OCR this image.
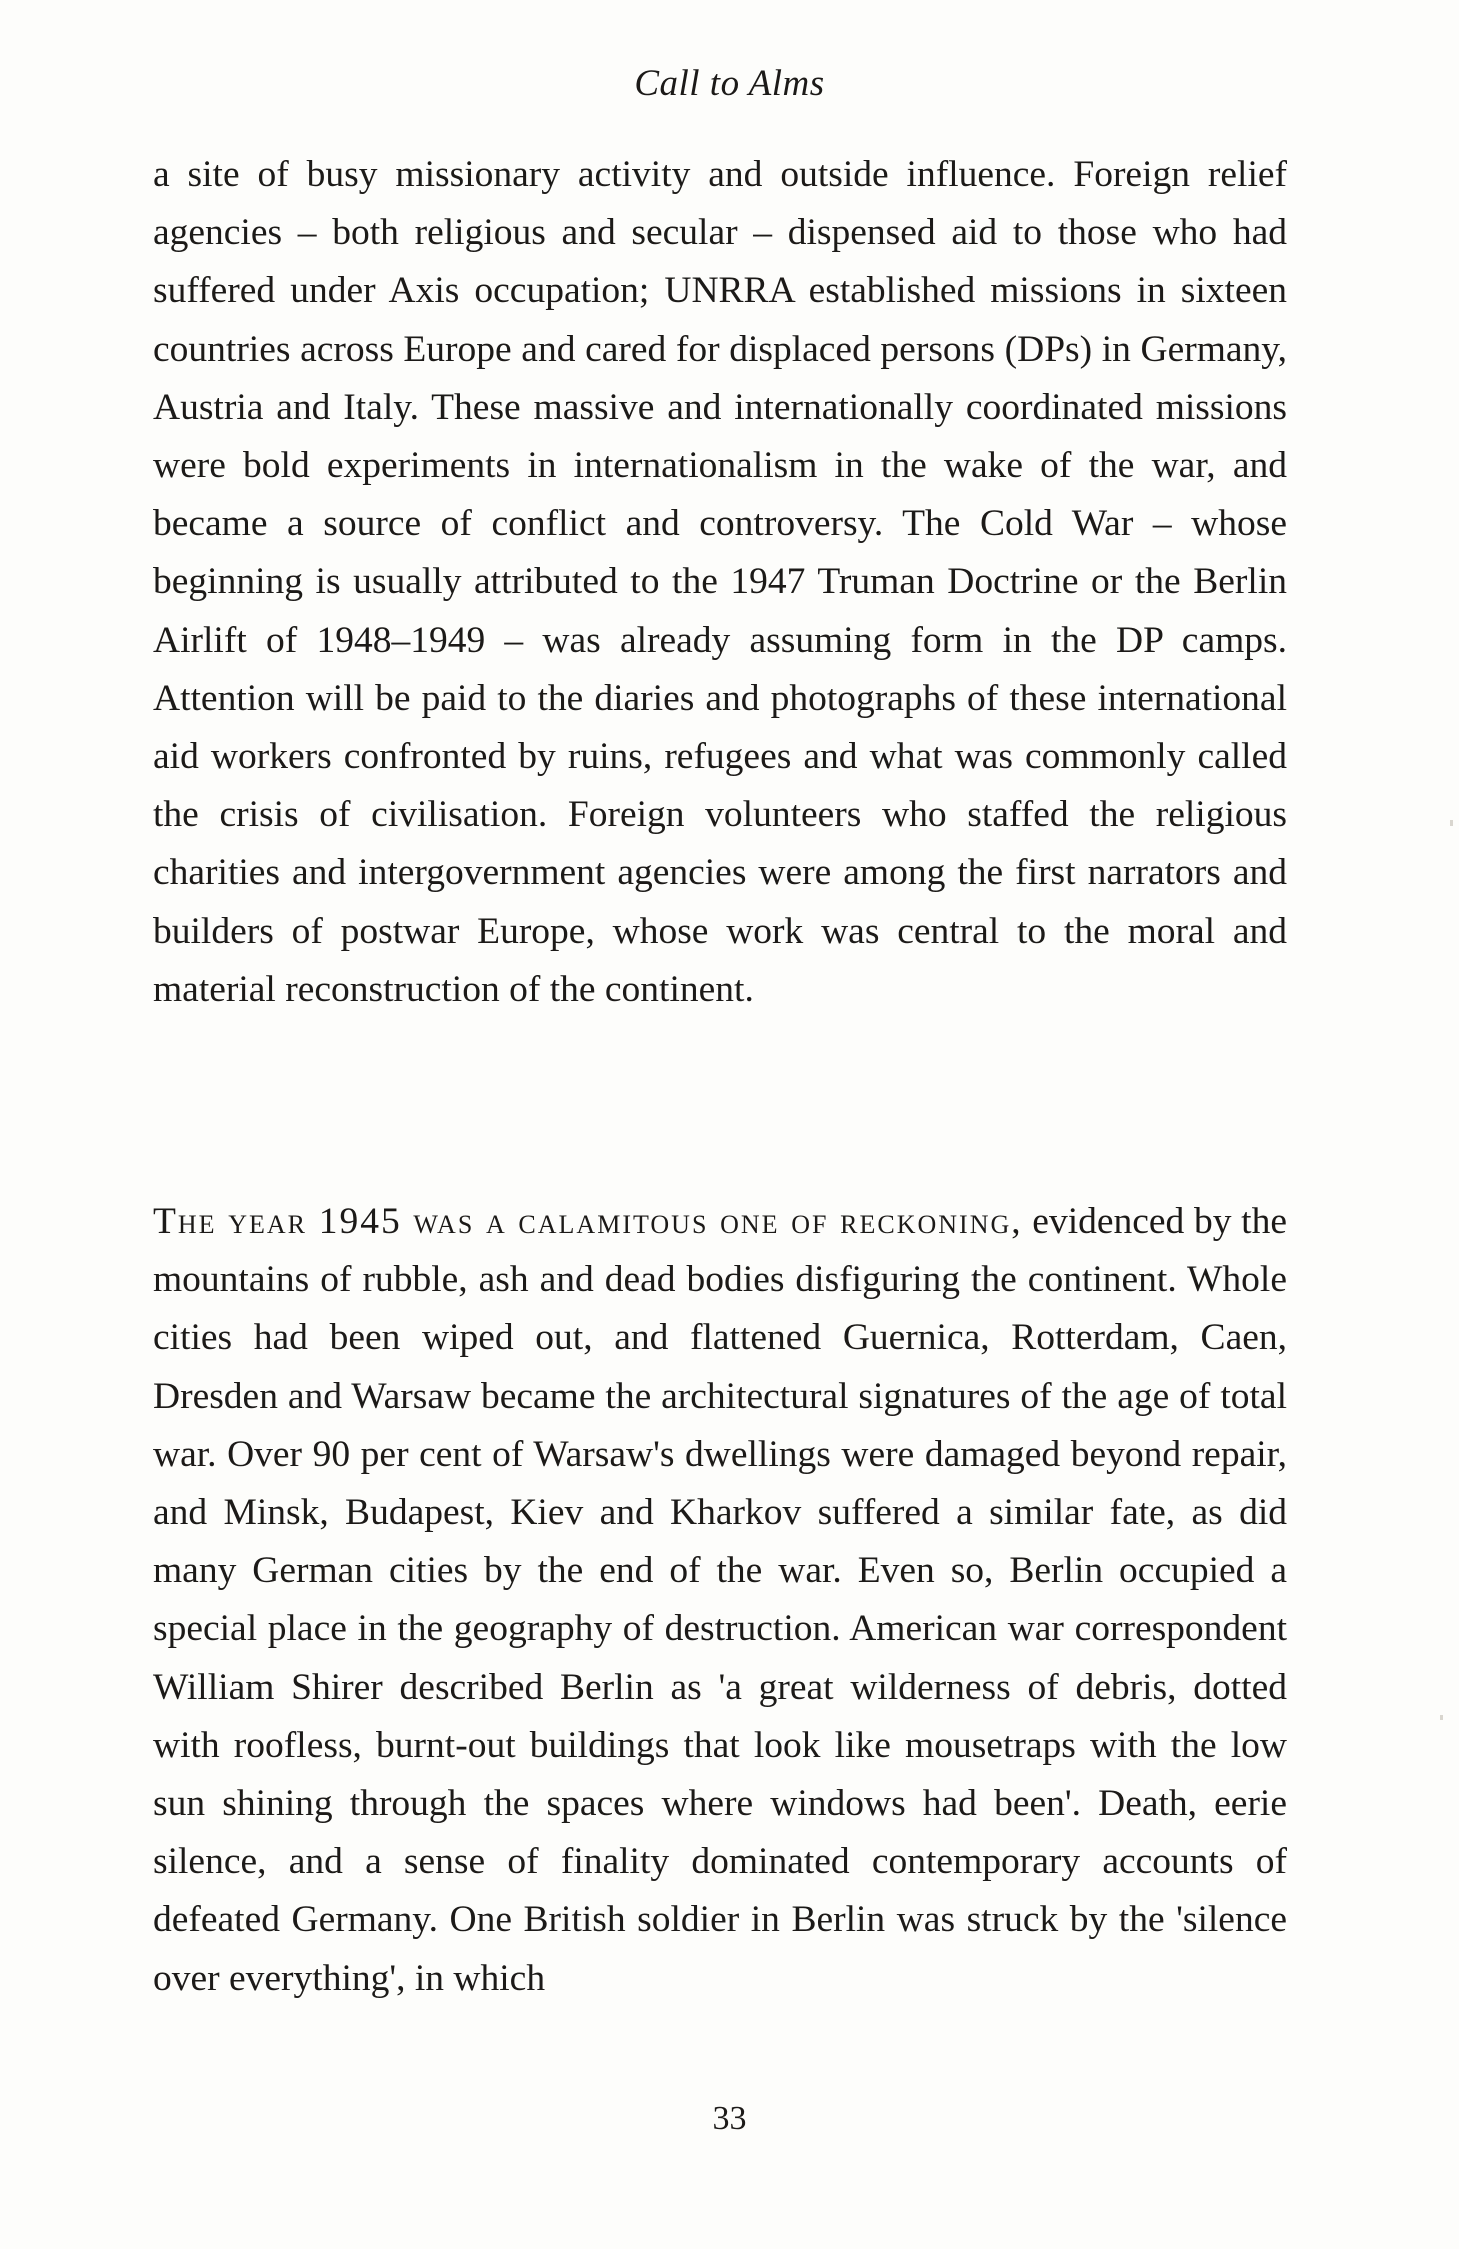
Call to Alms

a site of busy missionary activity and outside influence. Foreign relief agencies – both religious and secular – dispensed aid to those who had suffered under Axis occupation; UNRRA established missions in sixteen countries across Europe and cared for displaced persons (DPs) in Germany, Austria and Italy. These massive and internationally coordinated missions were bold experiments in internationalism in the wake of the war, and became a source of conflict and controversy. The Cold War – whose beginning is usually attributed to the 1947 Truman Doctrine or the Berlin Airlift of 1948–1949 – was already assuming form in the DP camps. Attention will be paid to the diaries and photographs of these international aid workers confronted by ruins, refugees and what was commonly called the crisis of civilisation. Foreign volunteers who staffed the religious charities and intergovernment agencies were among the first narrators and builders of postwar Europe, whose work was central to the moral and material reconstruction of the continent.

The year 1945 was a calamitous one of reckoning, evidenced by the mountains of rubble, ash and dead bodies disfiguring the continent. Whole cities had been wiped out, and flattened Guernica, Rotterdam, Caen, Dresden and Warsaw became the architectural signatures of the age of total war. Over 90 per cent of Warsaw's dwellings were damaged beyond repair, and Minsk, Budapest, Kiev and Kharkov suffered a similar fate, as did many German cities by the end of the war. Even so, Berlin occupied a special place in the geography of destruction. American war correspondent William Shirer described Berlin as 'a great wilderness of debris, dotted with roofless, burnt-out buildings that look like mousetraps with the low sun shining through the spaces where windows had been'. Death, eerie silence, and a sense of finality dominated contemporary accounts of defeated Germany. One British soldier in Berlin was struck by the 'silence over everything', in which

33
